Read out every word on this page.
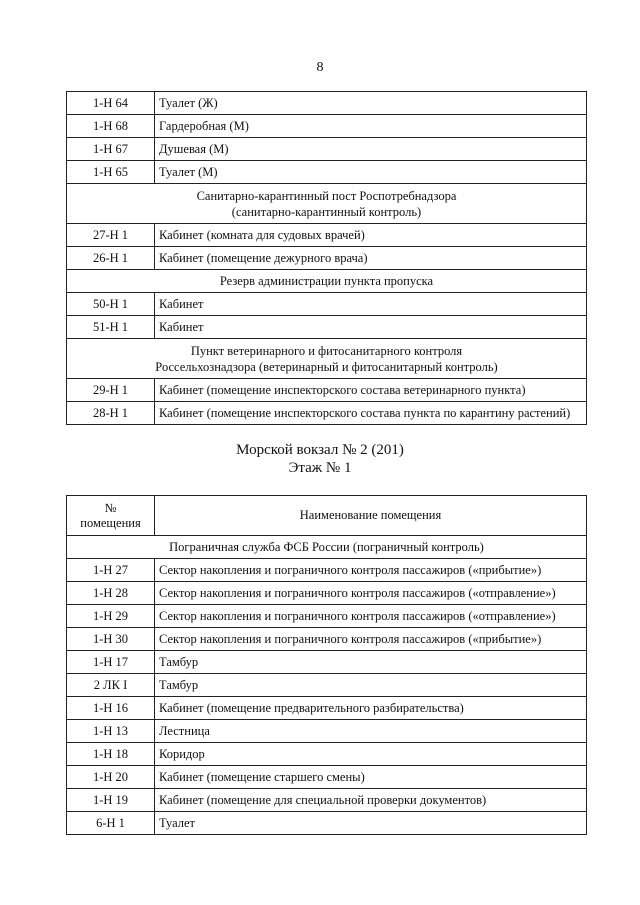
8
1-Н 64	Туалет (Ж)
1-Н 68	Гардеробная (М)
1-Н 67	Душевая (М)
1-Н 65	Туалет (М)

Санитарно-карантинный пост Роспотребнадзора
(санитарно-карантинный контроль)	

27-Н 1	Кабинет (комната для судовых врачей)
26-Н 1	Кабинет (помещение дежурного врача)

Резерв администрации пункта пропуска	

50-Н 1	Кабинет
51-Н 1	Кабинет

Пункт ветеринарного и фитосанитарного контроля
Россельхознадзора (ветеринарный и фитосанитарный контроль)	

29-Н 1	Кабинет (помещение инспекторского состава ветеринарного пункта)
28-Н 1	Кабинет (помещение инспекторского состава пункта по карантину растений)
Морской вокзал № 2 (201)
Этаж № 1
№
помещения	Наименование помещения

Пограничная служба ФСБ России (пограничный контроль)	

1-Н 27	Сектор накопления и пограничного контроля пассажиров («прибытие»)
1-Н 28	Сектор накопления и пограничного контроля пассажиров («отправление»)
1-Н 29	Сектор накопления и пограничного контроля пассажиров («отправление»)
1-Н 30	Сектор накопления и пограничного контроля пассажиров («прибытие»)
1-Н 17	Тамбур
2 ЛК I	Тамбур
1-Н 16	Кабинет (помещение предварительного разбирательства)
1-Н 13	Лестница
1-Н 18	Коридор
1-Н 20	Кабинет (помещение старшего смены)
1-Н 19	Кабинет (помещение для специальной проверки документов)
6-Н 1	Туалет
